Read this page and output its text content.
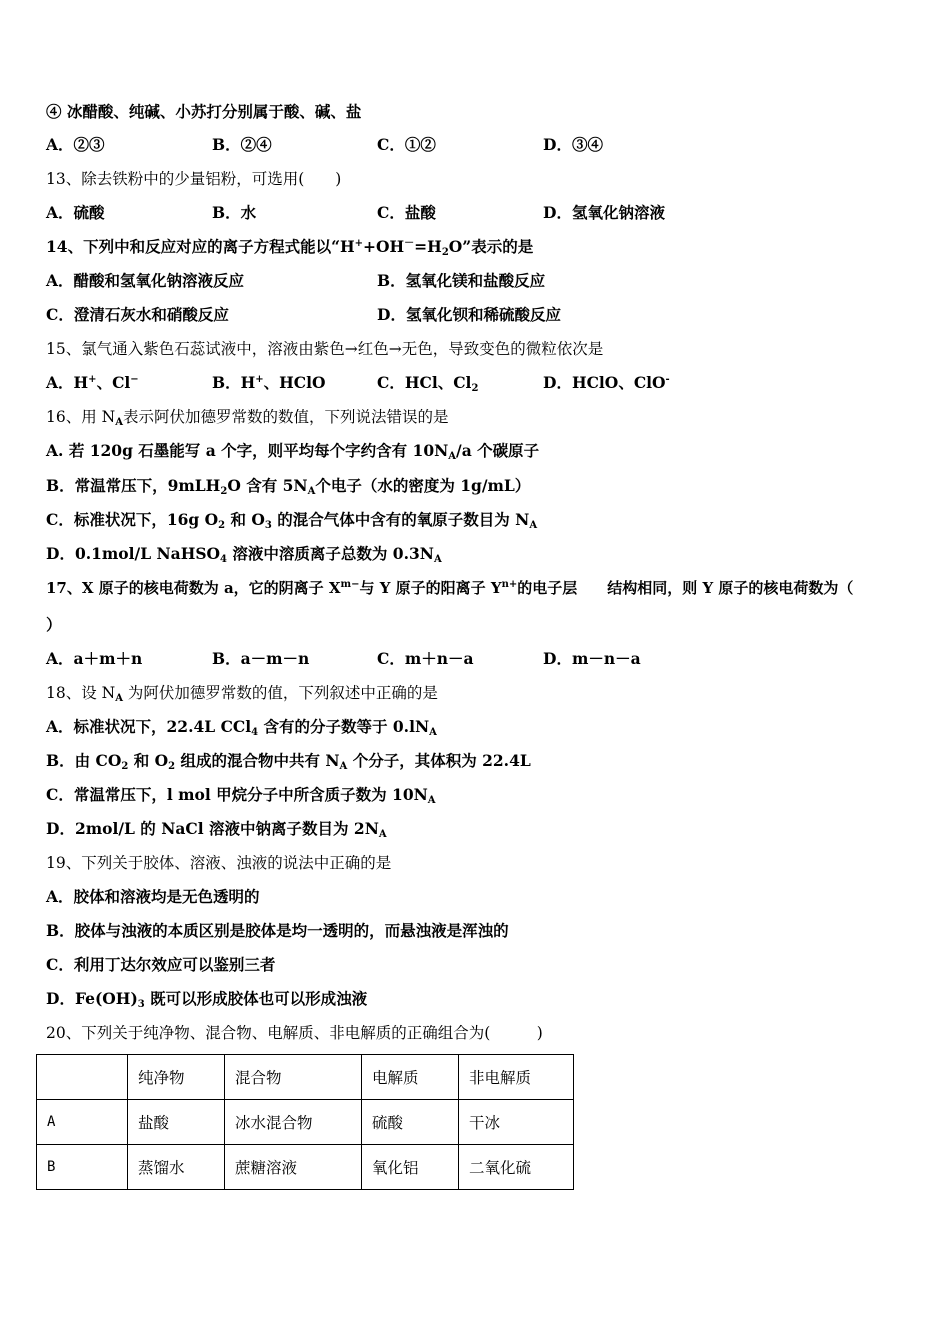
④ 冰醋酸、纯碱、小苏打分别属于酸、碱、盐
A．②③	B．②④	C．①②	D．③④
13、除去铁粉中的少量铝粉，可选用(　　)
A．硫酸	B．水	C．盐酸	D．氢氧化钠溶液
14、下列中和反应对应的离子方程式能以“$H^++OH^-=H_2O$”表示的是
A．醋酸和氢氧化钠溶液反应	B．氢氧化镁和盐酸反应
C．澄清石灰水和硝酸反应	D．氢氧化钡和稀硫酸反应
15、氯气通入紫色石蕊试液中，溶液由紫色→红色→无色，导致变色的微粒依次是
A．H+、Cl−	B．H+、HClO	C．HCl、$Cl_2$	D．HClO、ClO-
16、用 $N_A$表示阿伏加德罗常数的数值，下列说法错误的是
A. 若 120g 石墨能写 a 个字，则平均每个字约含有 $10N_A/a$ 个碳原子
B．常温常压下，9mLH$_2$O 含有 $5N_A$个电子（水的密度为 1g/mL）
C．标准状况下，16g $O_2$ 和 $O_3$ 的混合气体中含有的氧原子数目为 $N_A$
D．0.1mol/L NaHSO$_4$ 溶液中溶质离子总数为 $0.3N_A$
17、X 原子的核电荷数为 a，它的阴离子 $X^{m-}$与 Y 原子的阳离子 $Y^{n+}$的电子层　　结构相同，则 Y 原子的核电荷数为（
）
A．a＋m＋n	B．a－m－n	C．m＋n－a	D．m－n－a
18、设 $N_A$ 为阿伏加德罗常数的值，下列叙述中正确的是
A．标准状况下，22.4L CCl$_4$ 含有的分子数等于 $0.lN_A$
B．由 $CO_2$ 和 $O_2$ 组成的混合物中共有 $N_A$ 个分子，其体积为 22.4L
C．常温常压下，l mol 甲烷分子中所含质子数为 $10N_A$
D．2mol/L 的 NaCl 溶液中钠离子数目为 $2N_A$
19、下列关于胶体、溶液、浊液的说法中正确的是
A．胶体和溶液均是无色透明的
B．胶体与浊液的本质区别是胶体是均一透明的，而悬浊液是浑浊的
C．利用丁达尔效应可以鉴别三者
D．$Fe(OH)_3$ 既可以形成胶体也可以形成浊液
20、下列关于纯净物、混合物、电解质、非电解质的正确组合为(　　　)
	纯净物	混合物	电解质	非电解质
A	盐酸	冰水混合物	硫酸	干冰
B	蒸馏水	蔗糖溶液	氧化铝	二氧化硫
